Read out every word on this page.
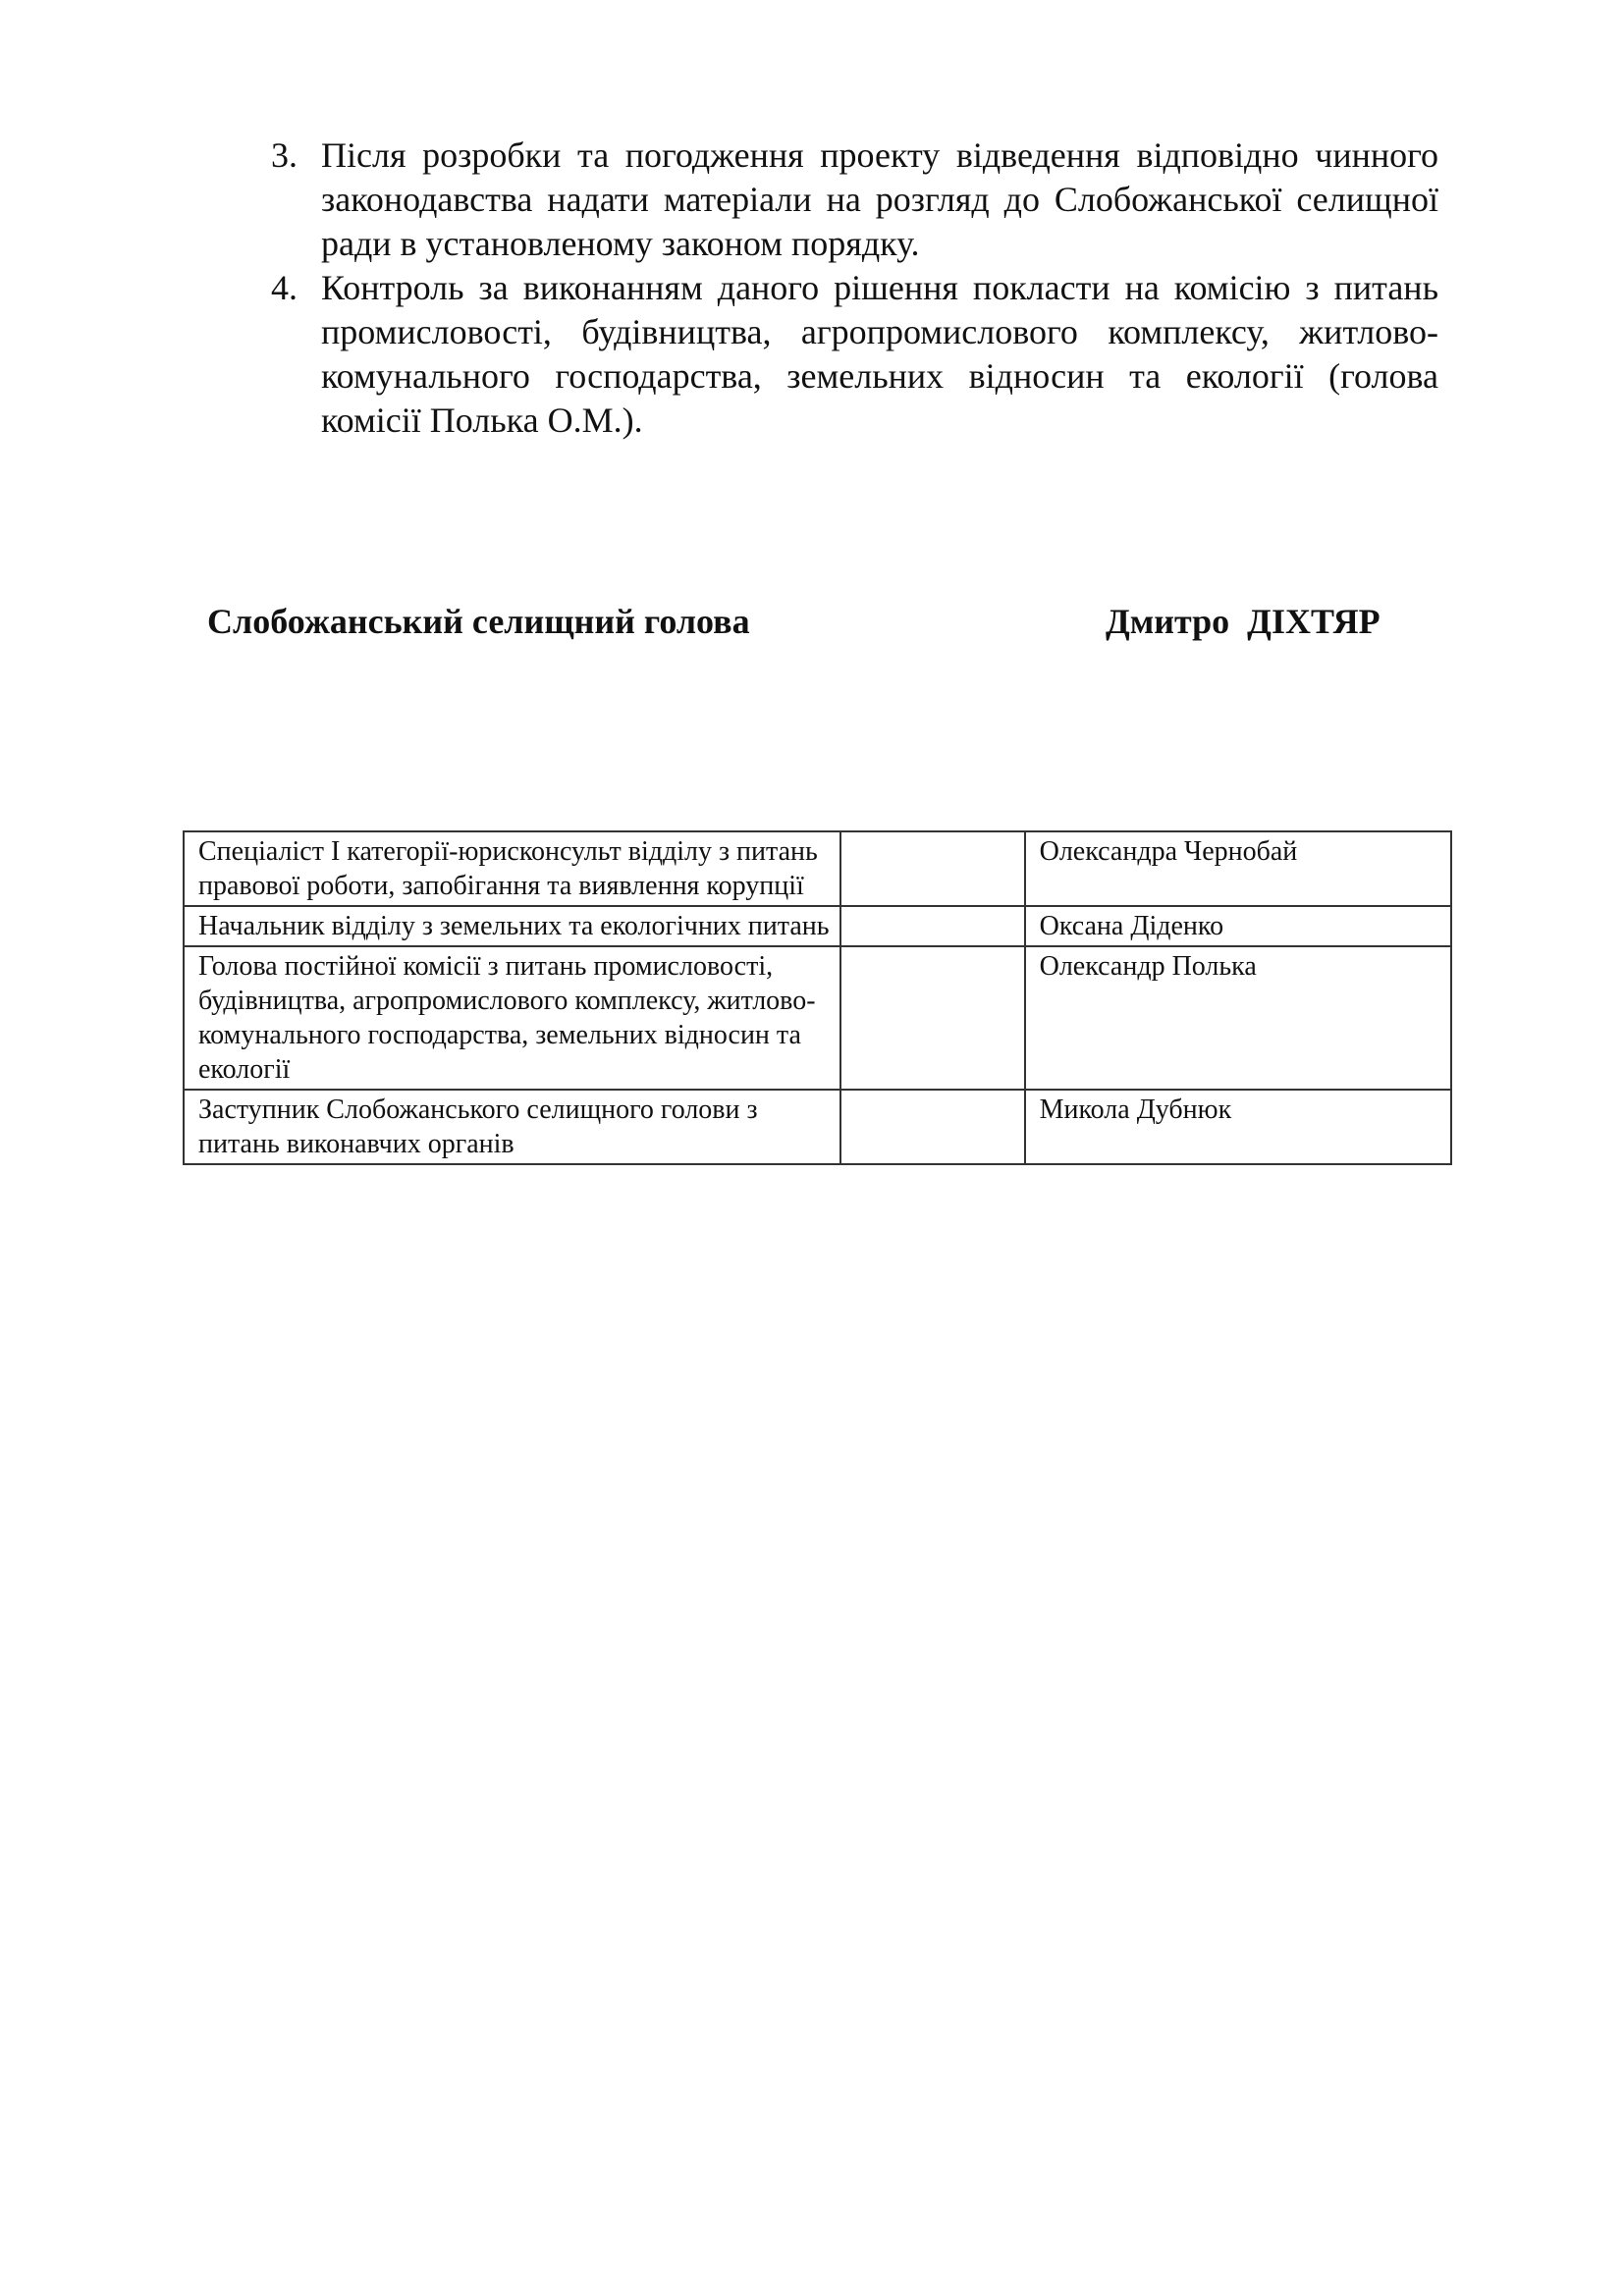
3. Після розробки та погодження проекту відведення відповідно чинного законодавства надати матеріали на розгляд до Слобожанської селищної ради в установленому законом порядку.
4. Контроль за виконанням даного рішення покласти на комісію з питань промисловості, будівництва, агропромислового комплексу, житлово-комунального господарства, земельних відносин та екології (голова комісії Полька О.М.).
Слобожанський селищний голова	Дмитро  ДІХТЯР
Спеціаліст І категорії-юрисконсульт відділу з питань правової роботи, запобігання та виявлення корупції		Олександра Чернобай
Начальник відділу з земельних та екологічних питань		Оксана Діденко
Голова постійної комісії з питань промисловості, будівництва, агропромислового комплексу, житлово-комунального господарства, земельних відносин та екології		Олександр Полька
Заступник Слобожанського селищного голови з питань виконавчих органів		Микола Дубнюк
